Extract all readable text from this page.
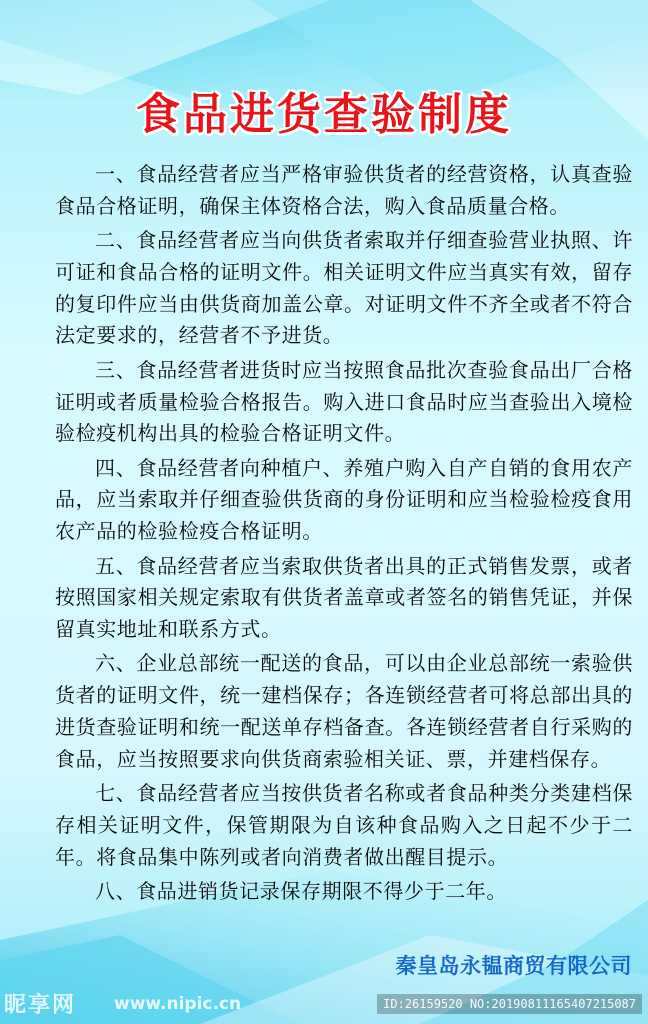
食品进货查验制度

一、食品经营者应当严格审验供货者的经营资格，认真查验食品合格证明，确保主体资格合法，购入食品质量合格。

二、食品经营者应当向供货者索取并仔细查验营业执照、许可证和食品合格的证明文件。相关证明文件应当真实有效，留存的复印件应当由供货商加盖公章。对证明文件不齐全或者不符合法定要求的，经营者不予进货。

三、食品经营者进货时应当按照食品批次查验食品出厂合格证明或者质量检验合格报告。购入进口食品时应当查验出入境检验检疫机构出具的检验合格证明文件。

四、食品经营者向种植户、养殖户购入自产自销的食用农产品，应当索取并仔细查验供货商的身份证明和应当检验检疫食用农产品的检验检疫合格证明。

五、食品经营者应当索取供货者出具的正式销售发票，或者按照国家相关规定索取有供货者盖章或者签名的销售凭证，并保留真实地址和联系方式。

六、企业总部统一配送的食品，可以由企业总部统一索验供货者的证明文件，统一建档保存；各连锁经营者可将总部出具的进货查验证明和统一配送单存档备查。各连锁经营者自行采购的食品，应当按照要求向供货商索验相关证、票，并建档保存。

七、食品经营者应当按供货者名称或者食品种类分类建档保存相关证明文件，保管期限为自该种食品购入之日起不少于二年。将食品集中陈列或者向消费者做出醒目提示。

八、食品进销货记录保存期限不得少于二年。

秦皇岛永韫商贸有限公司
昵享网 www.nipic.cn	ID:26159520 NO:20190811165407215087
